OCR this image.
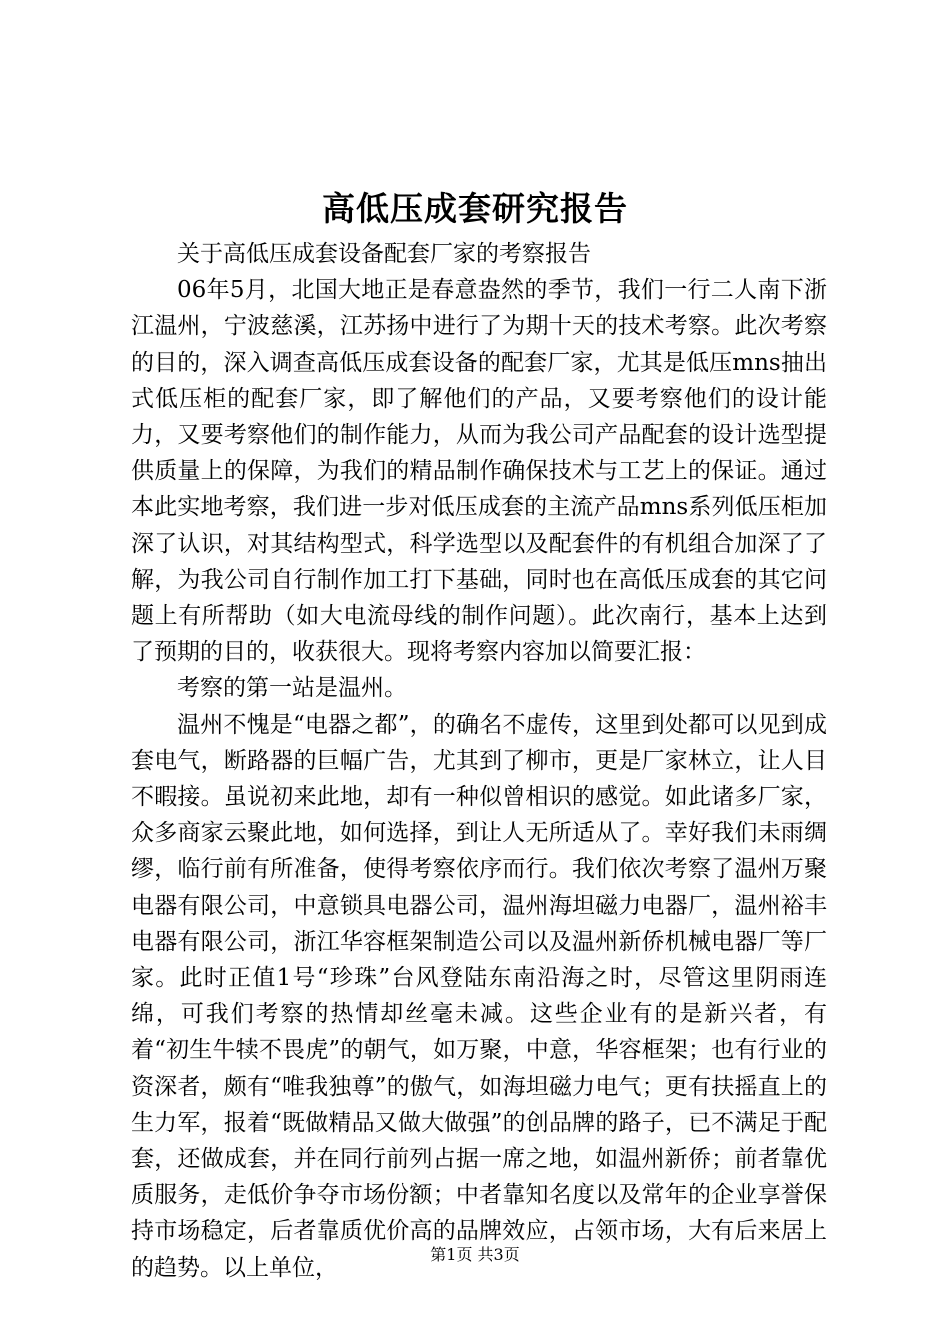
高低压成套研究报告

关于高低压成套设备配套厂家的考察报告

06年5月，北国大地正是春意盎然的季节，我们一行二人南下浙江温州，宁波慈溪，江苏扬中进行了为期十天的技术考察。此次考察的目的，深入调查高低压成套设备的配套厂家，尤其是低压mns抽出式低压柜的配套厂家，即了解他们的产品，又要考察他们的设计能力，又要考察他们的制作能力，从而为我公司产品配套的设计选型提供质量上的保障，为我们的精品制作确保技术与工艺上的保证。通过本此实地考察，我们进一步对低压成套的主流产品mns系列低压柜加深了认识，对其结构型式，科学选型以及配套件的有机组合加深了了解，为我公司自行制作加工打下基础，同时也在高低压成套的其它问题上有所帮助（如大电流母线的制作问题）。此次南行，基本上达到了预期的目的，收获很大。现将考察内容加以简要汇报：

考察的第一站是温州。

温州不愧是“电器之都”，的确名不虚传，这里到处都可以见到成套电气，断路器的巨幅广告，尤其到了柳市，更是厂家林立，让人目不暇接。虽说初来此地，却有一种似曾相识的感觉。如此诸多厂家，众多商家云聚此地，如何选择，到让人无所适从了。幸好我们未雨绸缪，临行前有所准备，使得考察依序而行。我们依次考察了温州万聚电器有限公司，中意锁具电器公司，温州海坦磁力电器厂，温州裕丰电器有限公司，浙江华容框架制造公司以及温州新侨机械电器厂等厂家。此时正值1号“珍珠”台风登陆东南沿海之时，尽管这里阴雨连绵，可我们考察的热情却丝毫未减。这些企业有的是新兴者，有着“初生牛犊不畏虎”的朝气，如万聚，中意，华容框架；也有行业的资深者，颇有“唯我独尊”的傲气，如海坦磁力电气；更有扶摇直上的生力军，报着“既做精品又做大做强”的创品牌的路子，已不满足于配套，还做成套，并在同行前列占据一席之地，如温州新侨；前者靠优质服务，走低价争夺市场份额；中者靠知名度以及常年的企业享誉保持市场稳定，后者靠质优价高的品牌效应，占领市场，大有后来居上的趋势。以上单位，

第1页 共3页
